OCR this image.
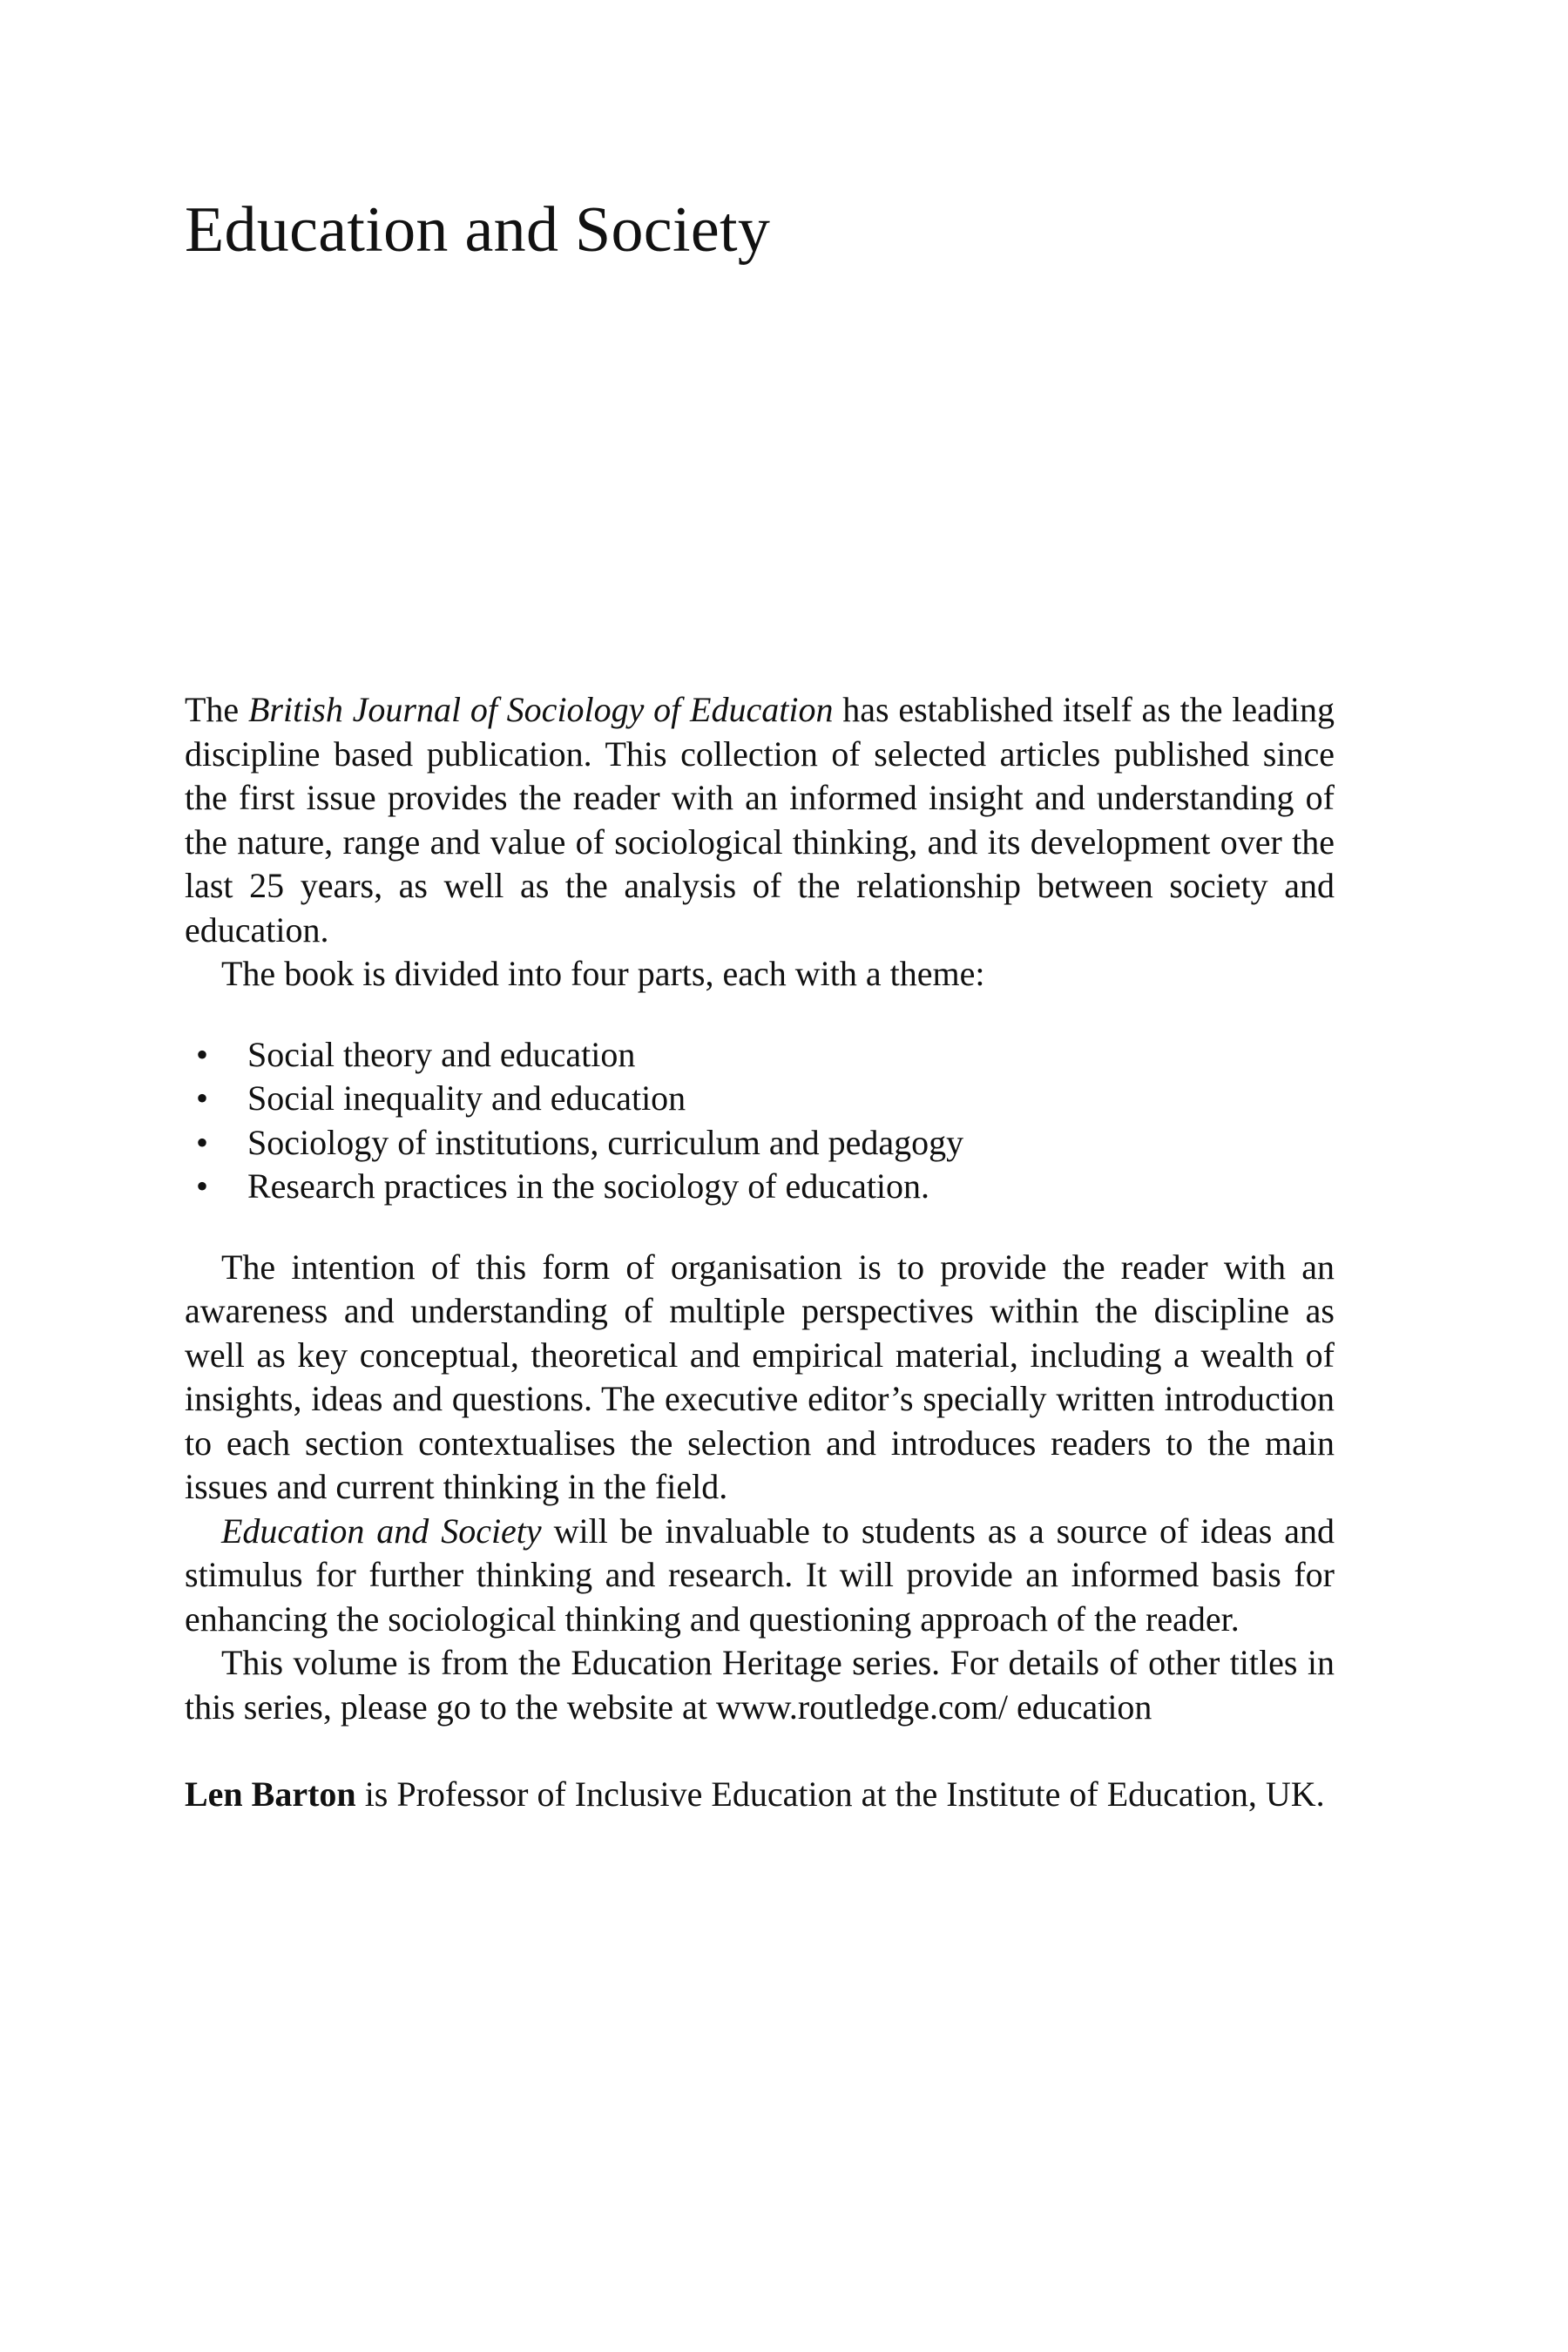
Education and Society

The British Journal of Sociology of Education has established itself as the leading discipline based publication. This collection of selected articles published since the first issue provides the reader with an informed insight and understanding of the nature, range and value of sociological thinking, and its development over the last 25 years, as well as the analysis of the relationship between society and education.

The book is divided into four parts, each with a theme:

•	Social theory and education
•	Social inequality and education
•	Sociology of institutions, curriculum and pedagogy
•	Research practices in the sociology of education.

The intention of this form of organisation is to provide the reader with an awareness and understanding of multiple perspectives within the discipline as well as key conceptual, theoretical and empirical material, including a wealth of insights, ideas and questions. The executive editor’s specially written introduction to each section contextualises the selection and introduces readers to the main issues and current thinking in the field.

Education and Society will be invaluable to students as a source of ideas and stimulus for further thinking and research. It will provide an informed basis for enhancing the sociological thinking and questioning approach of the reader.

This volume is from the Education Heritage series. For details of other titles in this series, please go to the website at www.routledge.com/ education

Len Barton is Professor of Inclusive Education at the Institute of Education, UK.
